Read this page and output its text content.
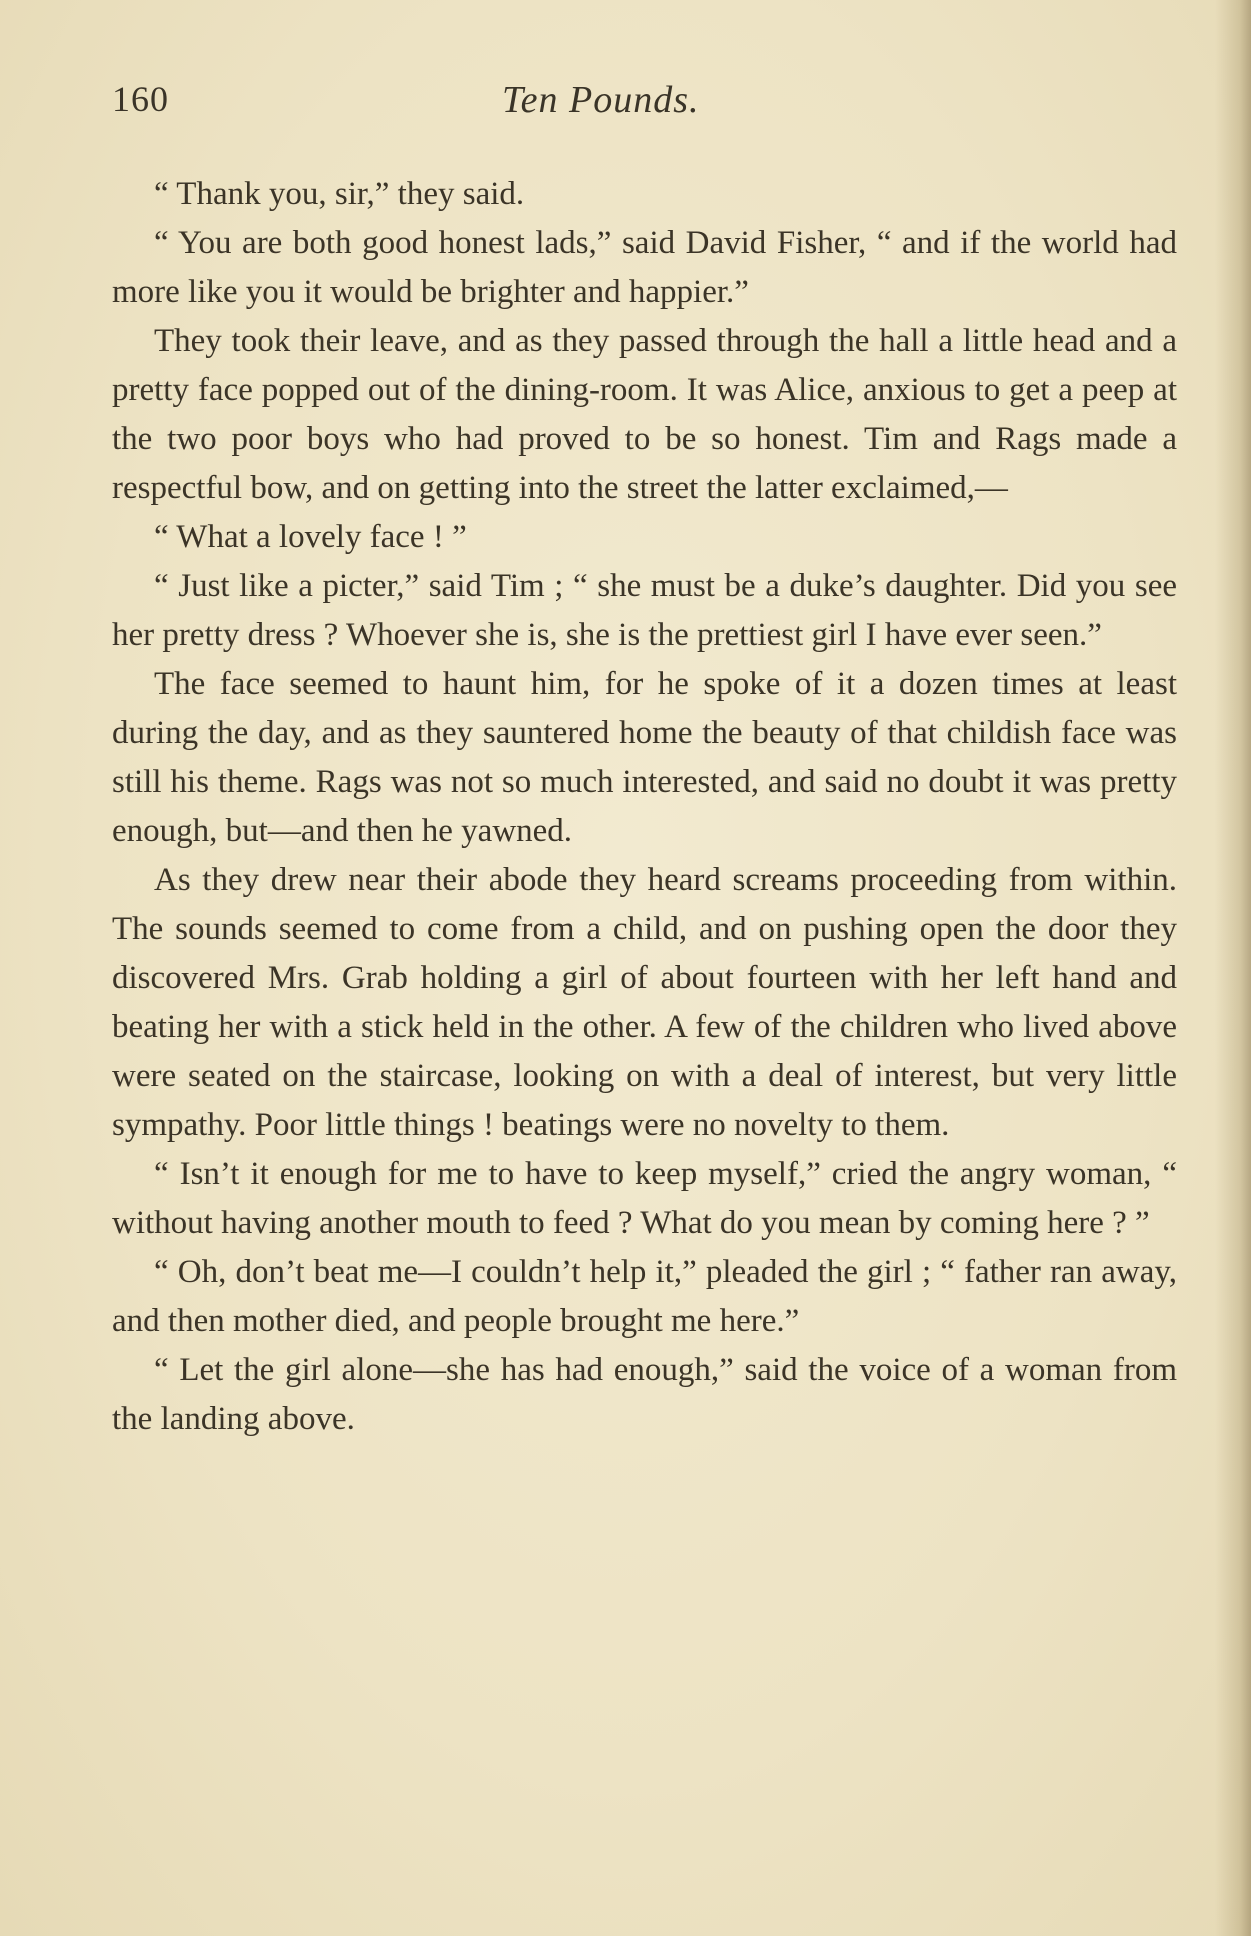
160	Ten Pounds.

“ Thank you, sir,” they said.

“ You are both good honest lads,” said David Fisher, “ and if the world had more like you it would be brighter and happier.”

They took their leave, and as they passed through the hall a little head and a pretty face popped out of the dining-room. It was Alice, anxious to get a peep at the two poor boys who had proved to be so honest. Tim and Rags made a respectful bow, and on getting into the street the latter exclaimed,—

“ What a lovely face ! ”

“ Just like a picter,” said Tim ; “ she must be a duke’s daughter. Did you see her pretty dress ? Whoever she is, she is the prettiest girl I have ever seen.”

The face seemed to haunt him, for he spoke of it a dozen times at least during the day, and as they sauntered home the beauty of that childish face was still his theme. Rags was not so much interested, and said no doubt it was pretty enough, but—and then he yawned.

As they drew near their abode they heard screams proceeding from within. The sounds seemed to come from a child, and on pushing open the door they discovered Mrs. Grab holding a girl of about fourteen with her left hand and beating her with a stick held in the other. A few of the children who lived above were seated on the staircase, looking on with a deal of interest, but very little sympathy. Poor little things ! beatings were no novelty to them.

“ Isn’t it enough for me to have to keep myself,” cried the angry woman, “ without having another mouth to feed ? What do you mean by coming here ? ”

“ Oh, don’t beat me—I couldn’t help it,” pleaded the girl ; “ father ran away, and then mother died, and people brought me here.”

“ Let the girl alone—she has had enough,” said the voice of a woman from the landing above.
